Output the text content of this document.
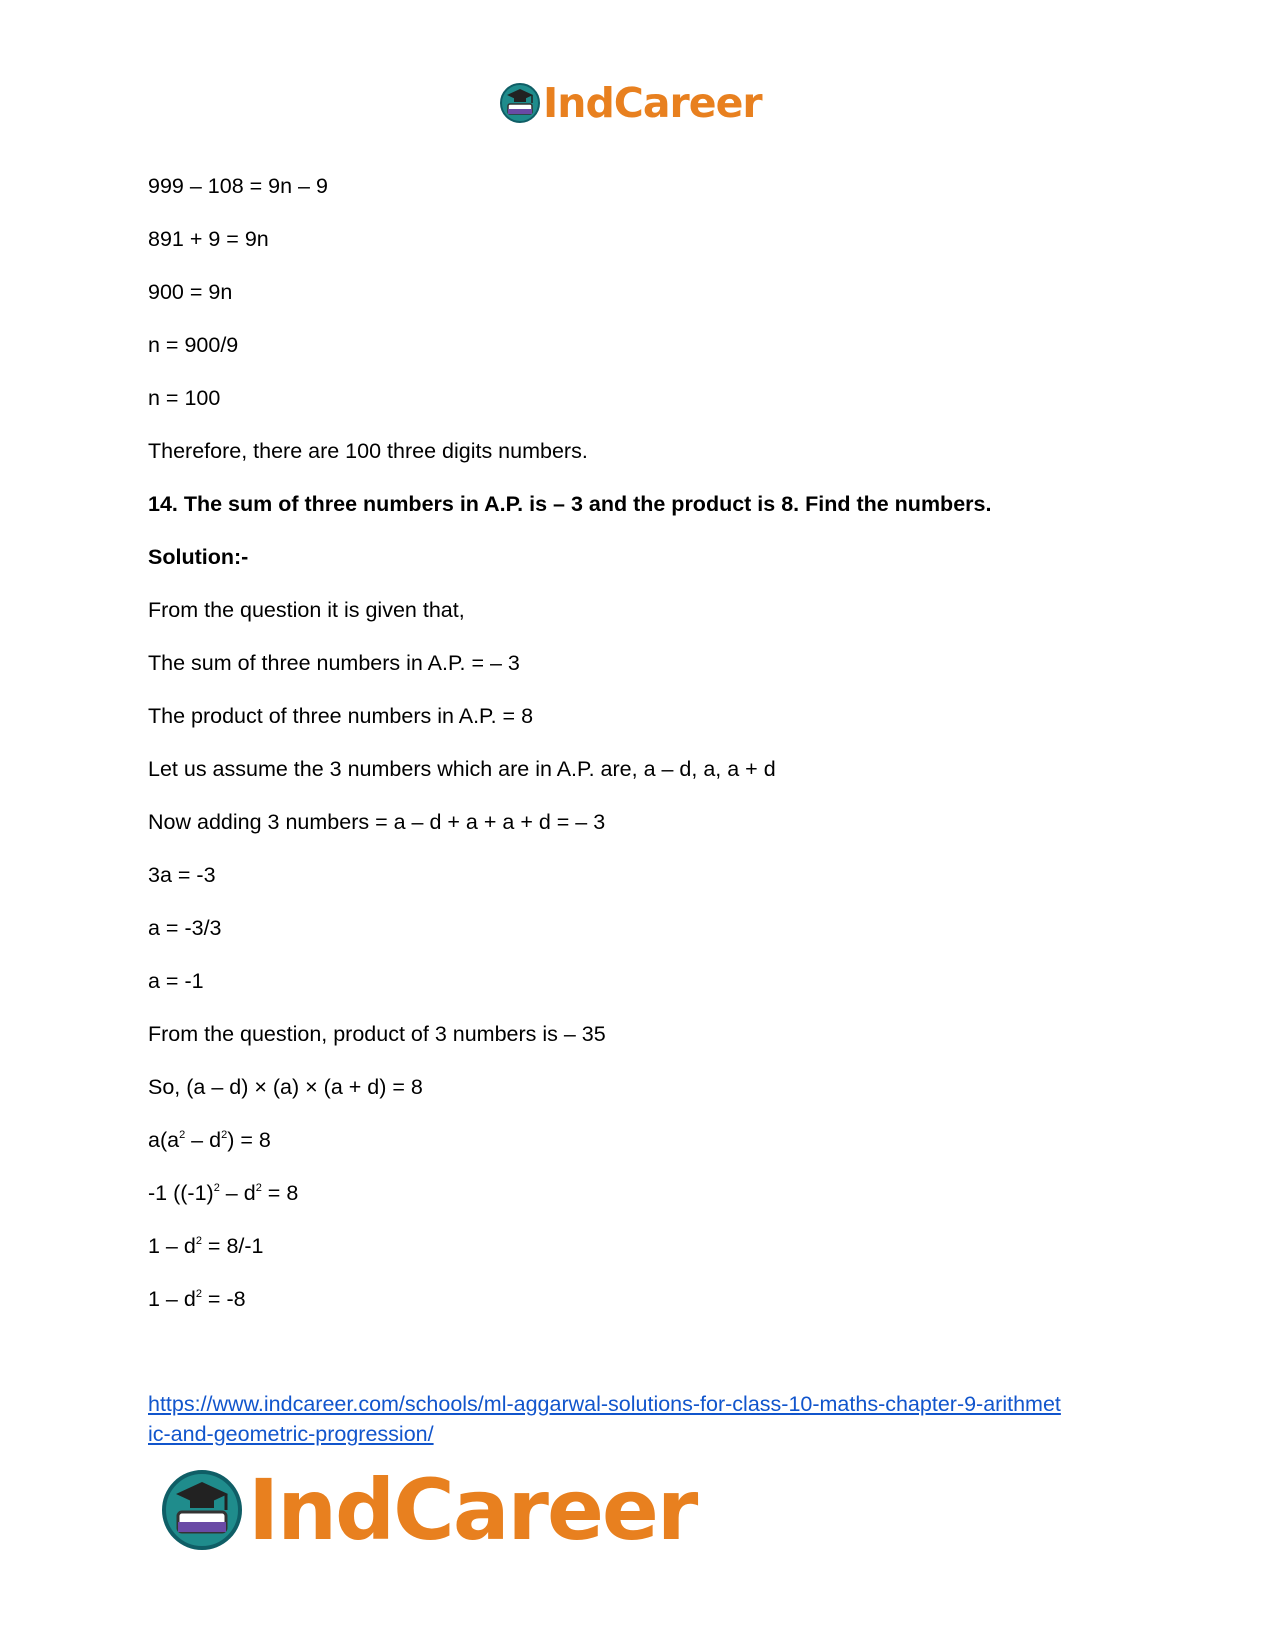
IndCareer
999 – 108 = 9n – 9
891 + 9 = 9n
900 = 9n
n = 900/9
n = 100
Therefore, there are 100 three digits numbers.
14. The sum of three numbers in A.P. is – 3 and the product is 8. Find the numbers.
Solution:-
From the question it is given that,
The sum of three numbers in A.P. = – 3
The product of three numbers in A.P. = 8
Let us assume the 3 numbers which are in A.P. are, a – d, a, a + d
Now adding 3 numbers = a – d + a + a + d = – 3
3a = -3
a = -3/3
a = -1
From the question, product of 3 numbers is – 35
So, (a – d) × (a) × (a + d) = 8
$a(a^2 - d^2) = 8$
-1 ($(-1)^2 - d^2 = 8$
$1 - d^2 = 8/-1$
$1 - d^2 = -8$
https://www.indcareer.com/schools/ml-aggarwal-solutions-for-class-10-maths-chapter-9-arithmet
ic-and-geometric-progression/
IndCareer
